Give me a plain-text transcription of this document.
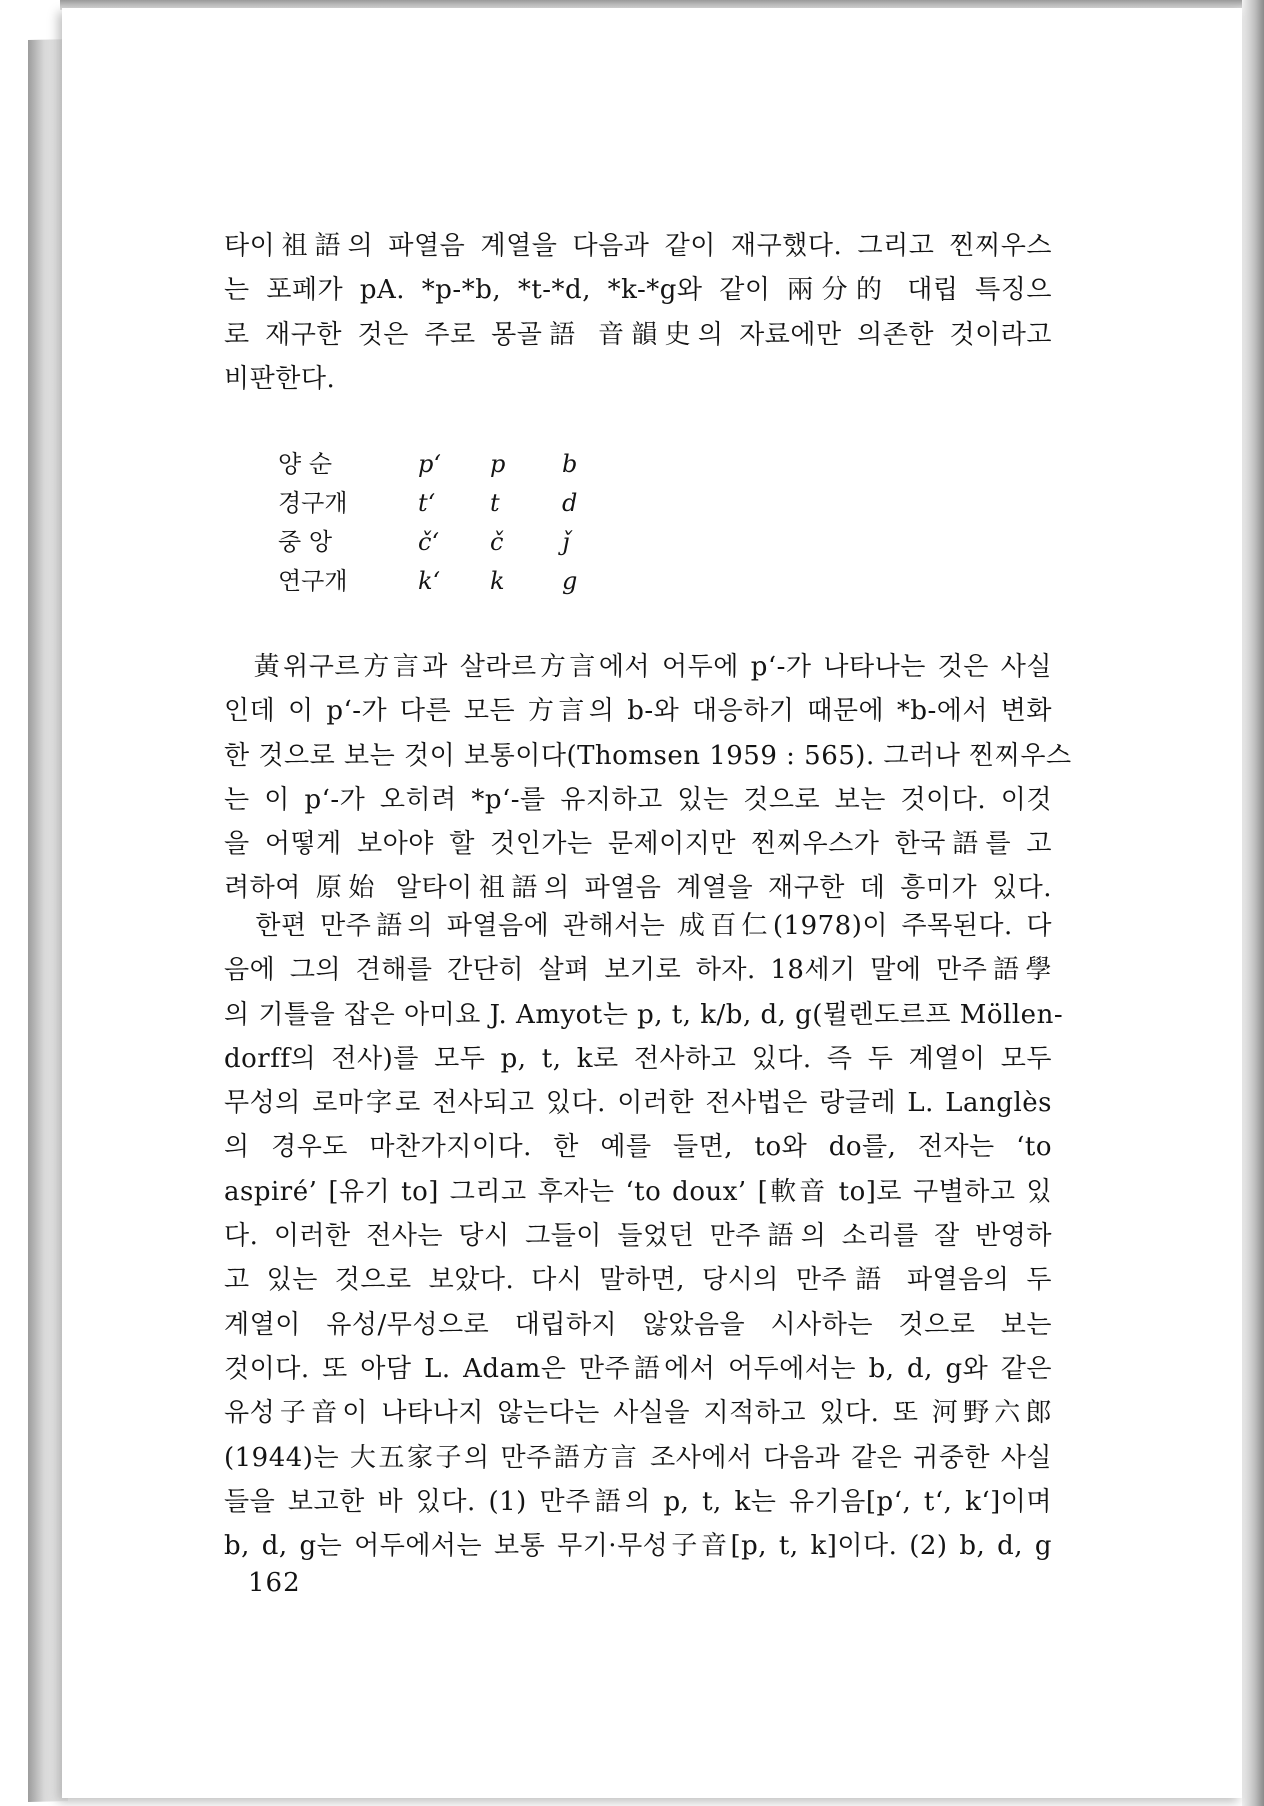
타이祖語의 파열음 계열을 다음과 같이 재구했다. 그리고 찐찌우스
는 포페가 pA. *p-*b, *t-*d, *k-*g와 같이 兩分的 대립 특징으
로 재구한 것은 주로 몽골語 音韻史의 자료에만 의존한 것이라고
비판한다.
양 순	pʻ	p	b
경구개	tʻ	t	d
중 앙	čʻ	č	ǰ
연구개	kʻ	k	g
　黃위구르方言과 살라르方言에서 어두에 pʻ-가 나타나는 것은 사실
인데 이 pʻ-가 다른 모든 方言의 b-와 대응하기 때문에 *b-에서 변화
한 것으로 보는 것이 보통이다(Thomsen 1959 : 565). 그러나 찐찌우스
는 이 pʻ-가 오히려 *pʻ-를 유지하고 있는 것으로 보는 것이다. 이것
을 어떻게 보아야 할 것인가는 문제이지만 찐찌우스가 한국語를 고
려하여 原始 알타이祖語의 파열음 계열을 재구한 데 흥미가 있다.
　한편 만주語의 파열음에 관해서는 成百仁(1978)이 주목된다. 다
음에 그의 견해를 간단히 살펴 보기로 하자. 18세기 말에 만주語學
의 기틀을 잡은 아미요 J. Amyot는 p, t, k/b, d, g(뮐렌도르프 Möllen-
dorff의 전사)를 모두 p, t, k로 전사하고 있다. 즉 두 계열이 모두
무성의 로마字로 전사되고 있다. 이러한 전사법은 랑글레 L. Langlès
의 경우도 마찬가지이다. 한 예를 들면, to와 do를, 전자는 ‘to
aspiré’ [유기 to] 그리고 후자는 ‘to doux’ [軟音 to]로 구별하고 있
다. 이러한 전사는 당시 그들이 들었던 만주語의 소리를 잘 반영하
고 있는 것으로 보았다. 다시 말하면, 당시의 만주語 파열음의 두
계열이 유성/무성으로 대립하지 않았음을 시사하는 것으로 보는
것이다. 또 아담 L. Adam은 만주語에서 어두에서는 b, d, g와 같은
유성子音이 나타나지 않는다는 사실을 지적하고 있다. 또 河野六郎
(1944)는 大五家子의 만주語方言 조사에서 다음과 같은 귀중한 사실
들을 보고한 바 있다. (1) 만주語의 p, t, k는 유기음[pʻ, tʻ, kʻ]이며
b, d, g는 어두에서는 보통 무기·무성子音[p, t, k]이다. (2) b, d, g
162
